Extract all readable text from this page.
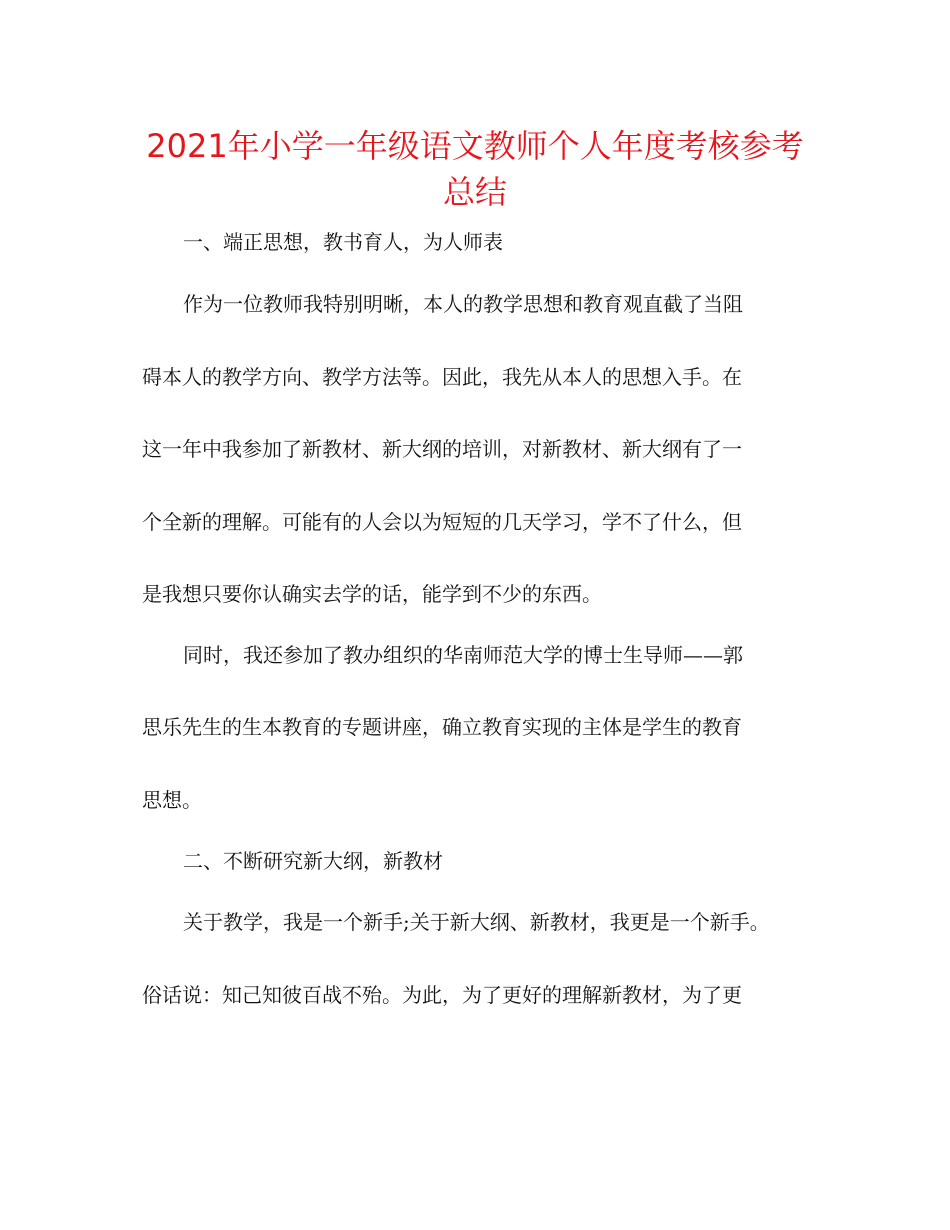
2021年小学一年级语文教师个人年度考核参考
总结

一、端正思想，教书育人，为人师表

作为一位教师我特别明晰，本人的教学思想和教育观直截了当阻

碍本人的教学方向、教学方法等。因此，我先从本人的思想入手。在

这一年中我参加了新教材、新大纲的培训，对新教材、新大纲有了一

个全新的理解。可能有的人会以为短短的几天学习，学不了什么，但

是我想只要你认确实去学的话，能学到不少的东西。

同时，我还参加了教办组织的华南师范大学的博士生导师——郭

思乐先生的生本教育的专题讲座，确立教育实现的主体是学生的教育

思想。

二、不断研究新大纲，新教材

关于教学，我是一个新手;关于新大纲、新教材，我更是一个新手。

俗话说：知己知彼百战不殆。为此，为了更好的理解新教材，为了更
